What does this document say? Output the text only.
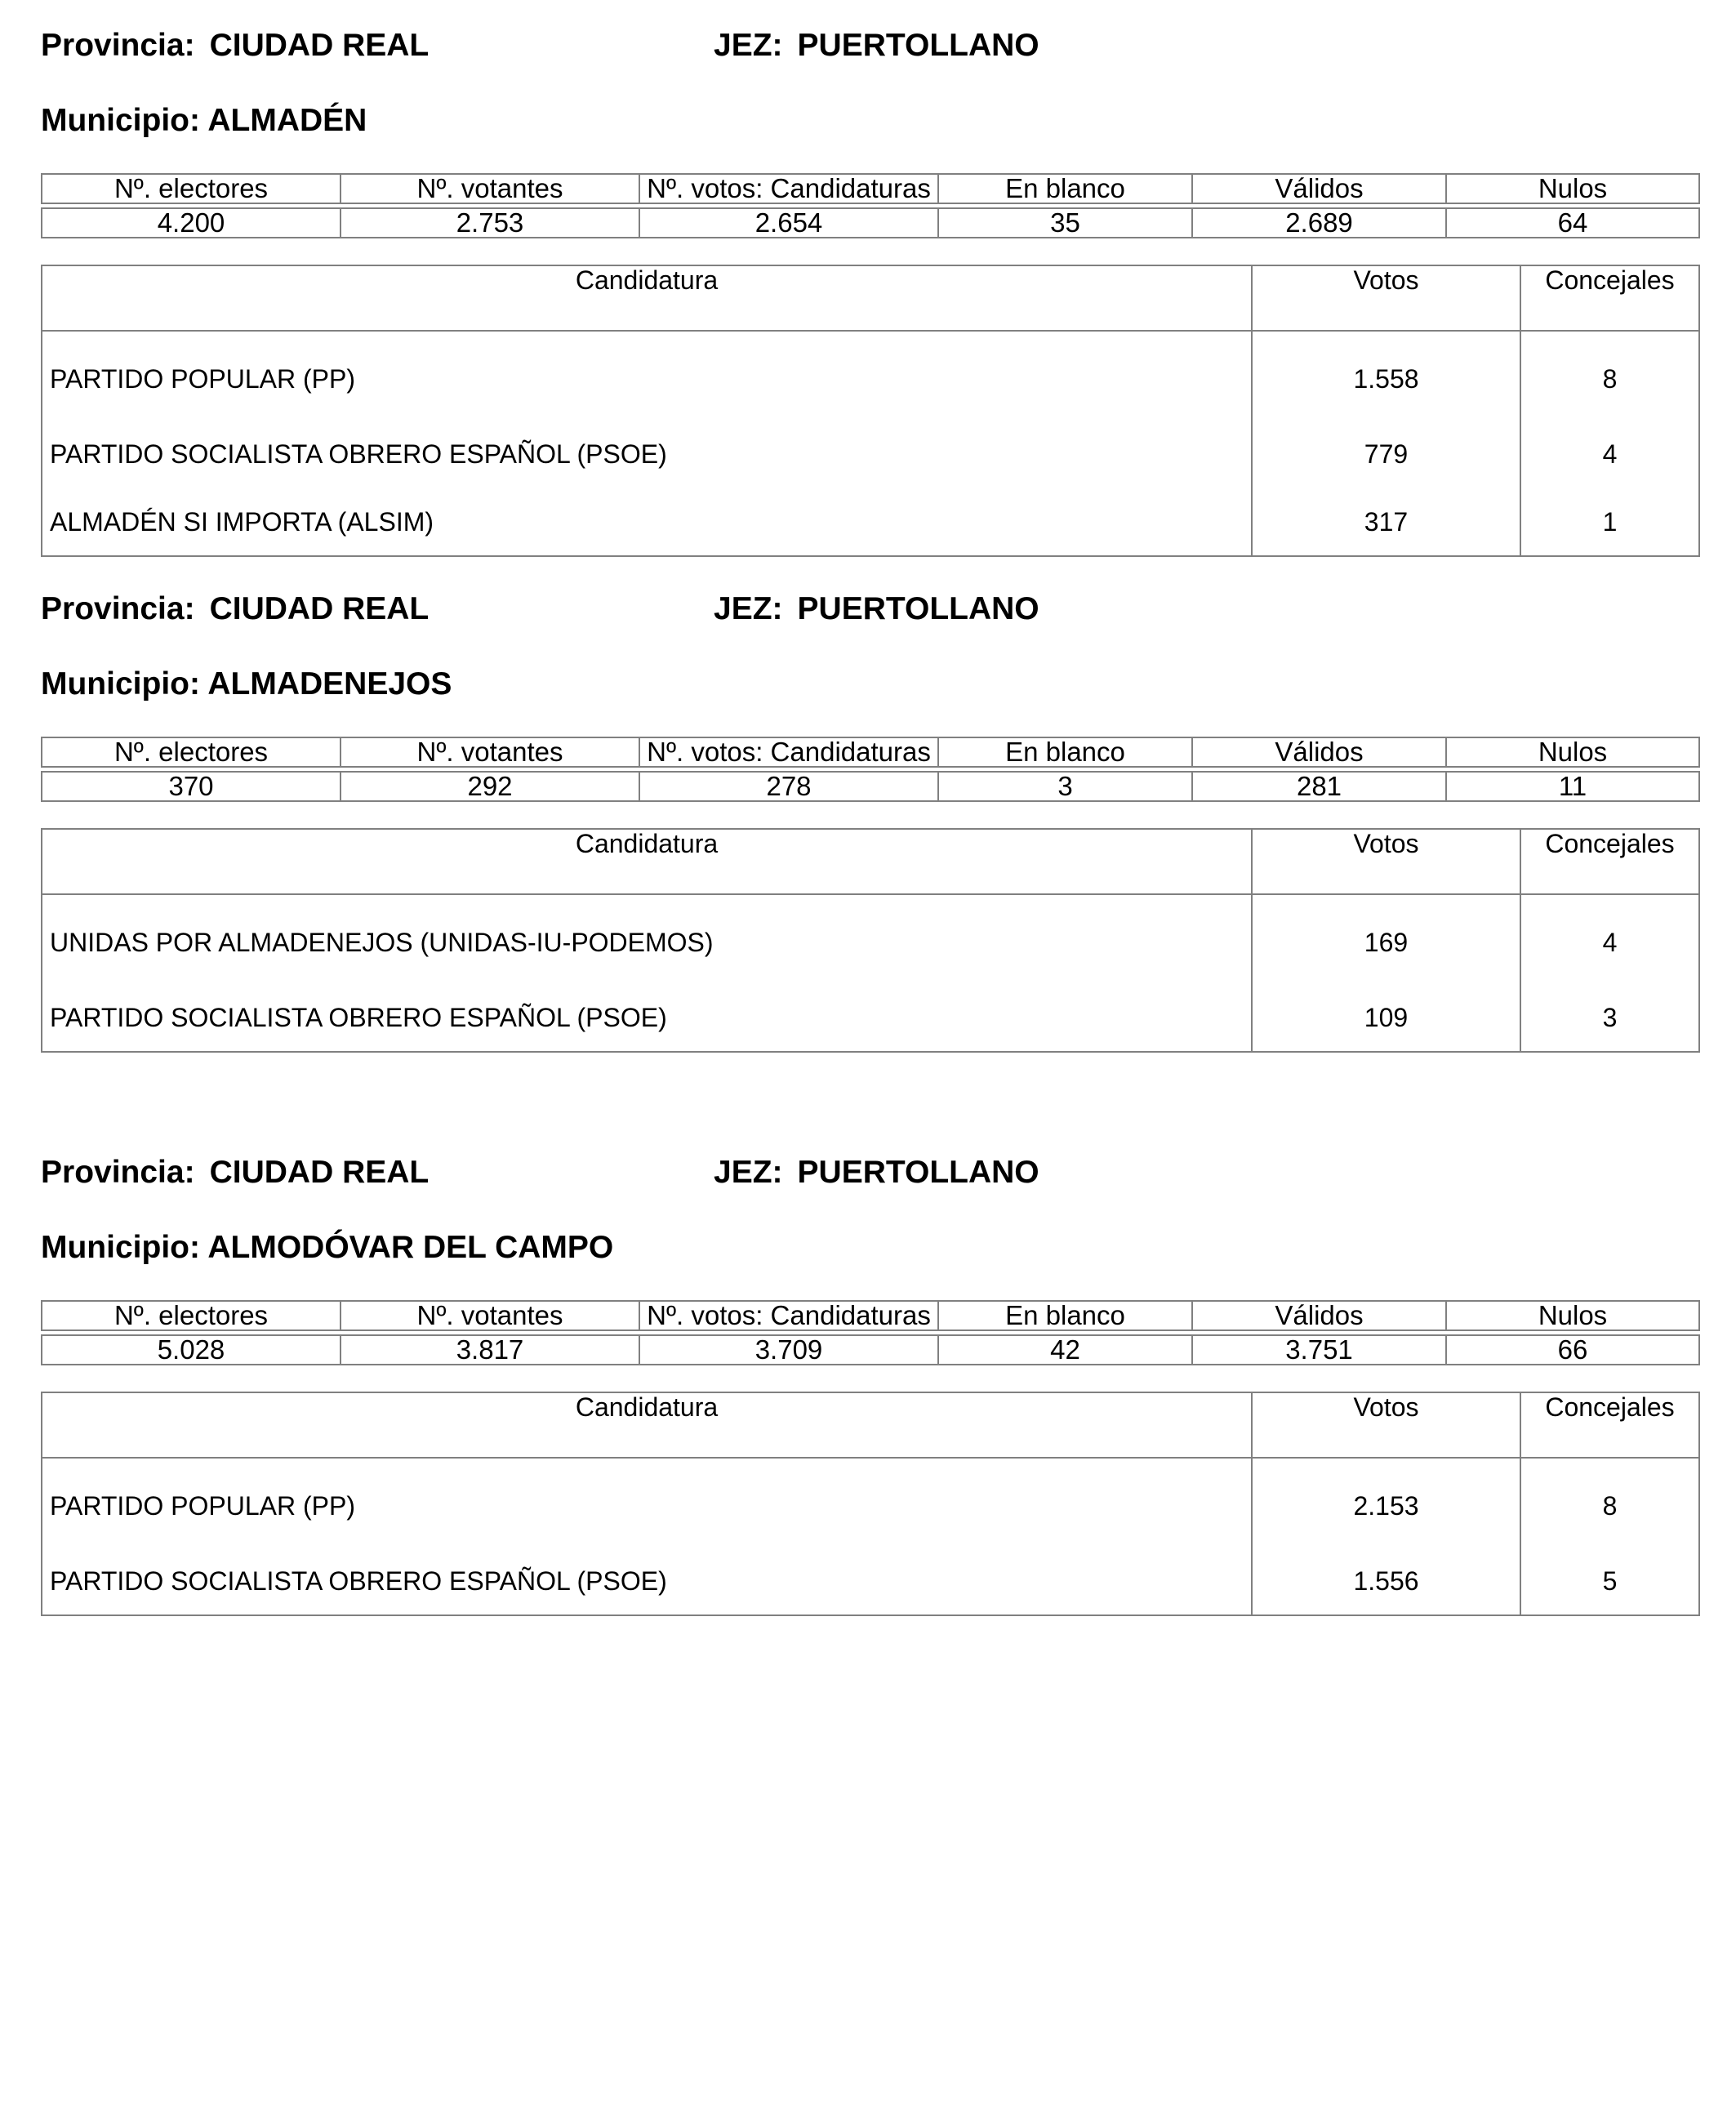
Provincia: CIUDAD REAL	JEZ: PUERTOLLANO
Municipio: ALMADÉN
Nº. electores	Nº. votantes	Nº. votos: Candidaturas	En blanco	Válidos	Nulos

4.200	2.753	2.654	35	2.689	64
Candidatura	Votos	Concejales
PARTIDO POPULAR (PP)	1.558	8
PARTIDO SOCIALISTA OBRERO ESPAÑOL (PSOE)	779	4
ALMADÉN SI IMPORTA (ALSIM)	317	1
Provincia: CIUDAD REAL	JEZ: PUERTOLLANO
Municipio: ALMADENEJOS
Nº. electores	Nº. votantes	Nº. votos: Candidaturas	En blanco	Válidos	Nulos

370	292	278	3	281	11
Candidatura	Votos	Concejales
UNIDAS POR ALMADENEJOS (UNIDAS-IU-PODEMOS)	169	4
PARTIDO SOCIALISTA OBRERO ESPAÑOL (PSOE)	109	3
Provincia: CIUDAD REAL	JEZ: PUERTOLLANO
Municipio: ALMODÓVAR DEL CAMPO
Nº. electores	Nº. votantes	Nº. votos: Candidaturas	En blanco	Válidos	Nulos

5.028	3.817	3.709	42	3.751	66
Candidatura	Votos	Concejales
PARTIDO POPULAR (PP)	2.153	8
PARTIDO SOCIALISTA OBRERO ESPAÑOL (PSOE)	1.556	5
